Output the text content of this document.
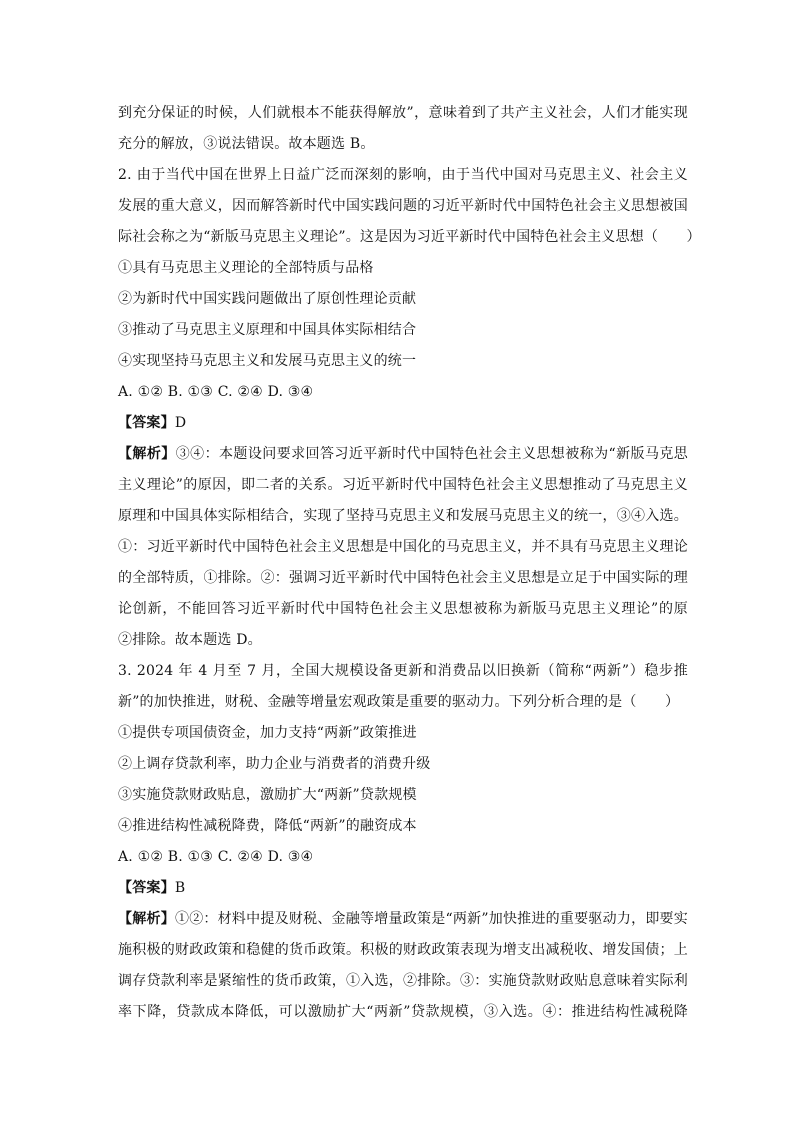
到充分保证的时候，人们就根本不能获得解放”，意味着到了共产主义社会，人们才能实现
充分的解放，③说法错误。故本题选 B。
2. 由于当代中国在世界上日益广泛而深刻的影响，由于当代中国对马克思主义、社会主义
发展的重大意义，因而解答新时代中国实践问题的习近平新时代中国特色社会主义思想被国
际社会称之为“新版马克思主义理论”。这是因为习近平新时代中国特色社会主义思想（　　）
①具有马克思主义理论的全部特质与品格
②为新时代中国实践问题做出了原创性理论贡献
③推动了马克思主义原理和中国具体实际相结合
④实现坚持马克思主义和发展马克思主义的统一
A. ①② B. ①③ C. ②④ D. ③④
【答案】D
【解析】③④：本题设问要求回答习近平新时代中国特色社会主义思想被称为“新版马克思
主义理论”的原因，即二者的关系。习近平新时代中国特色社会主义思想推动了马克思主义
原理和中国具体实际相结合，实现了坚持马克思主义和发展马克思主义的统一，③④入选。
①：习近平新时代中国特色社会主义思想是中国化的马克思主义，并不具有马克思主义理论
的全部特质，①排除。②：强调习近平新时代中国特色社会主义思想是立足于中国实际的理
论创新，不能回答习近平新时代中国特色社会主义思想被称为新版马克思主义理论”的原
②排除。故本题选 D。
3. 2024 年 4 月至 7 月，全国大规模设备更新和消费品以旧换新（简称“两新”）稳步推
新”的加快推进，财税、金融等增量宏观政策是重要的驱动力。下列分析合理的是（　　）
①提供专项国债资金，加力支持“两新”政策推进
②上调存贷款利率，助力企业与消费者的消费升级
③实施贷款财政贴息，激励扩大“两新”贷款规模
④推进结构性减税降费，降低“两新”的融资成本
A. ①② B. ①③ C. ②④ D. ③④
【答案】B
【解析】①②：材料中提及财税、金融等增量政策是“两新”加快推进的重要驱动力，即要实
施积极的财政政策和稳健的货币政策。积极的财政政策表现为增支出减税收、增发国债；上
调存贷款利率是紧缩性的货币政策，①入选，②排除。③：实施贷款财政贴息意味着实际利
率下降，贷款成本降低，可以激励扩大“两新”贷款规模，③入选。④：推进结构性减税降
